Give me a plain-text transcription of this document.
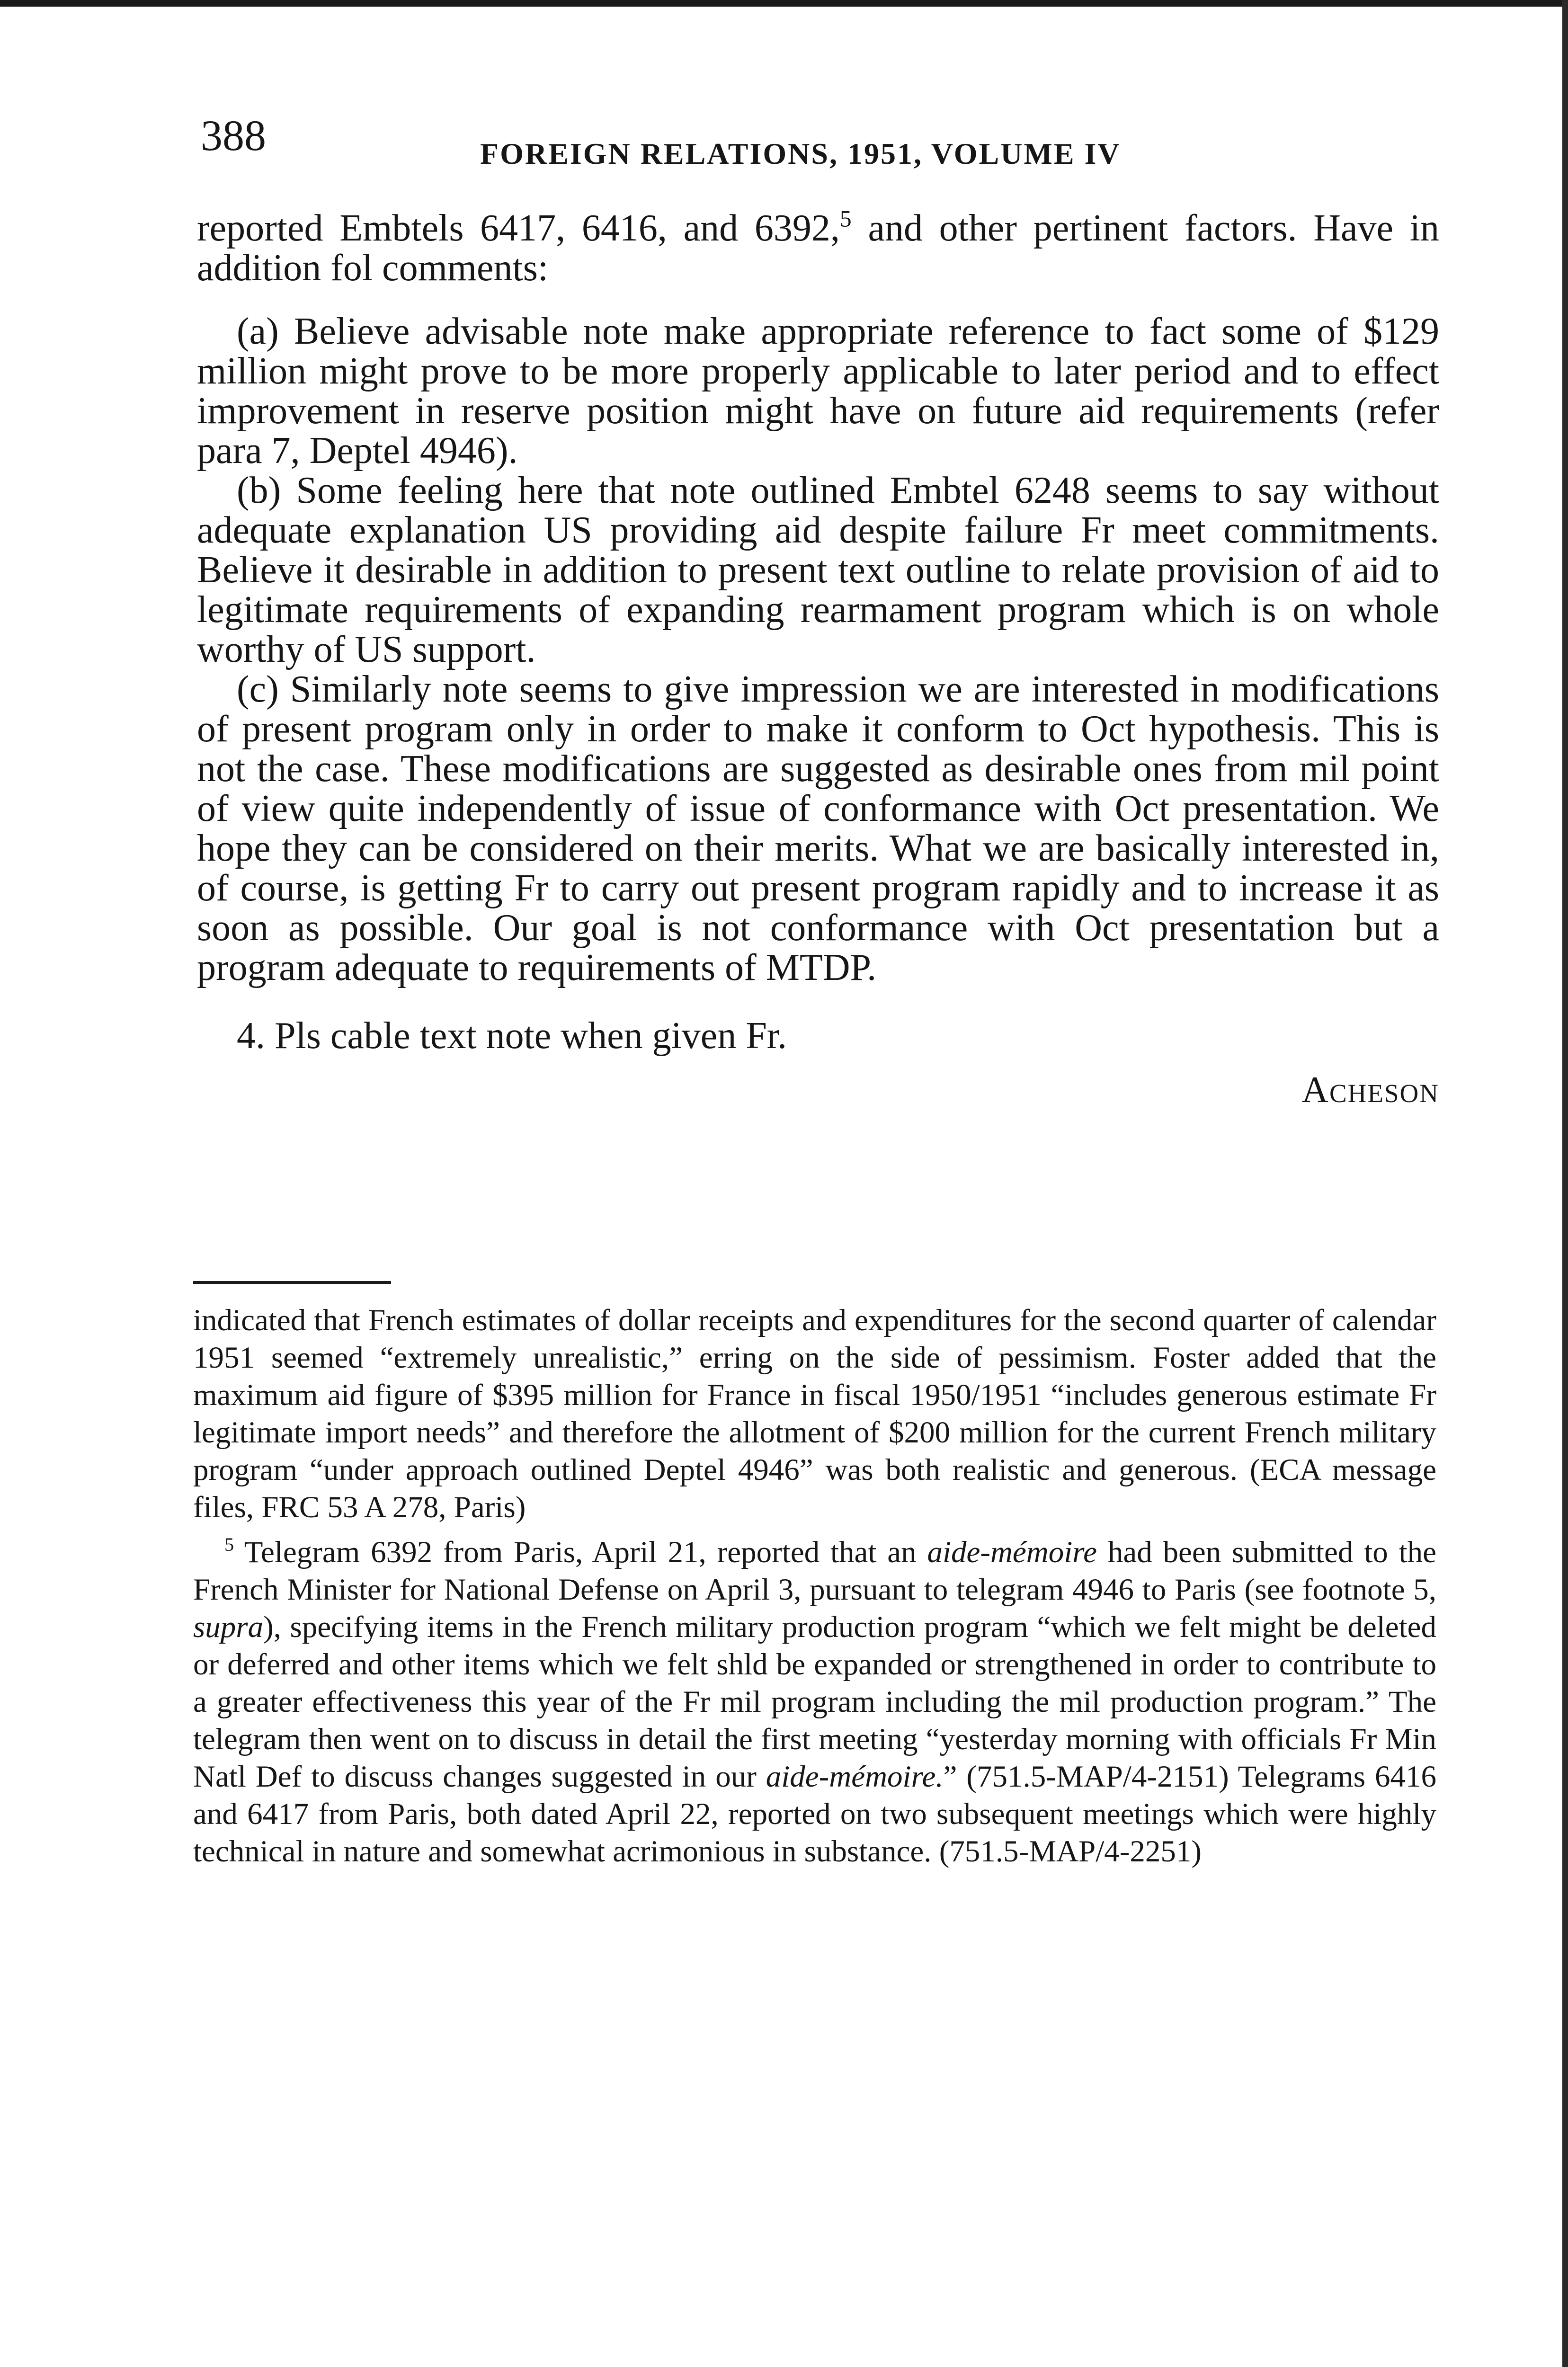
388	FOREIGN RELATIONS, 1951, VOLUME IV

reported Embtels 6417, 6416, and 6392,$^5$ and other pertinent factors. Have in addition fol comments:

(a) Believe advisable note make appropriate reference to fact some of $129 million might prove to be more properly applicable to later period and to effect improvement in reserve position might have on future aid requirements (refer para 7, Deptel 4946).

(b) Some feeling here that note outlined Embtel 6248 seems to say without adequate explanation US providing aid despite failure Fr meet commitments. Believe it desirable in addition to present text outline to relate provision of aid to legitimate requirements of expanding rearmament program which is on whole worthy of US support.

(c) Similarly note seems to give impression we are interested in modifications of present program only in order to make it conform to Oct hypothesis. This is not the case. These modifications are suggested as desirable ones from mil point of view quite independently of issue of conformance with Oct presentation. We hope they can be considered on their merits. What we are basically interested in, of course, is getting Fr to carry out present program rapidly and to increase it as soon as possible. Our goal is not conformance with Oct presentation but a program adequate to requirements of MTDP.

4. Pls cable text note when given Fr.

Acheson

indicated that French estimates of dollar receipts and expenditures for the second quarter of calendar 1951 seemed “extremely unrealistic,” erring on the side of pessimism. Foster added that the maximum aid figure of $395 million for France in fiscal 1950/1951 “includes generous estimate Fr legitimate import needs” and therefore the allotment of $200 million for the current French military program “under approach outlined Deptel 4946” was both realistic and generous. (ECA message files, FRC 53 A 278, Paris)

$^5$ Telegram 6392 from Paris, April 21, reported that an aide-mémoire had been submitted to the French Minister for National Defense on April 3, pursuant to telegram 4946 to Paris (see footnote 5, supra), specifying items in the French military production program “which we felt might be deleted or deferred and other items which we felt shld be expanded or strengthened in order to contribute to a greater effectiveness this year of the Fr mil program including the mil production program.” The telegram then went on to discuss in detail the first meeting “yesterday morning with officials Fr Min Natl Def to discuss changes suggested in our aide-mémoire.” (751.5-MAP/4-2151) Telegrams 6416 and 6417 from Paris, both dated April 22, reported on two subsequent meetings which were highly technical in nature and somewhat acrimonious in substance. (751.5-MAP/4-2251)
